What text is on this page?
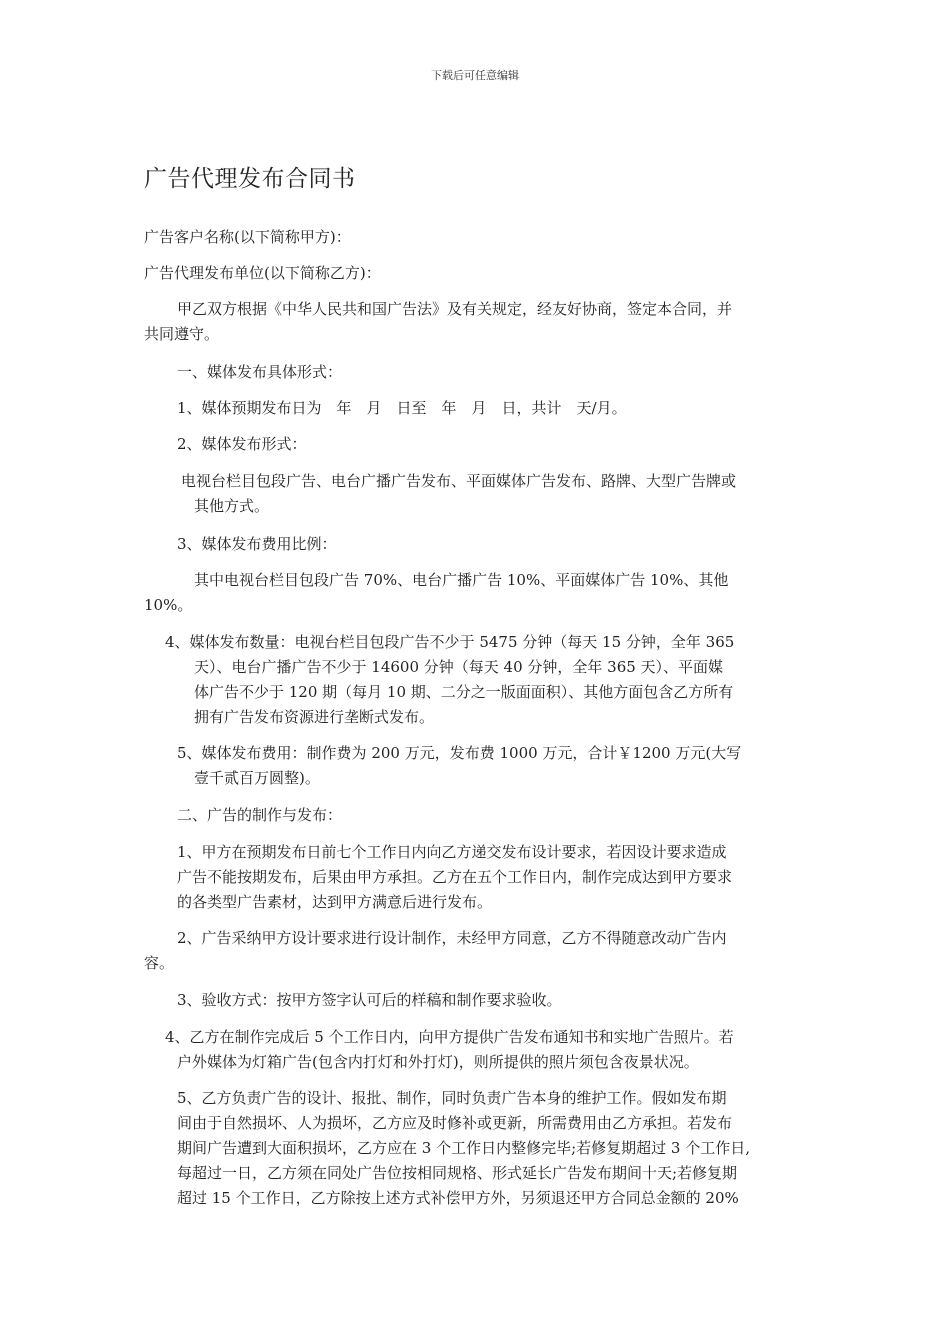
下载后可任意编辑
广告代理发布合同书
广告客户名称(以下简称甲方)：
广告代理发布单位(以下简称乙方)：
甲乙双方根据《中华人民共和国广告法》及有关规定，经友好协商，签定本合同，并
共同遵守。
一、媒体发布具体形式：
1、媒体预期发布日为　年　月　日至　年　月　日，共计　天/月。
2、媒体发布形式：
电视台栏目包段广告、电台广播广告发布、平面媒体广告发布、路牌、大型广告牌或
其他方式。
3、媒体发布费用比例：
其中电视台栏目包段广告 70%、电台广播广告 10%、平面媒体广告 10%、其他
10%。
4、媒体发布数量：电视台栏目包段广告不少于 5475 分钟（每天 15 分钟，全年 365
天）、电台广播广告不少于 14600 分钟（每天 40 分钟，全年 365 天）、平面媒
体广告不少于 120 期（每月 10 期、二分之一版面面积）、其他方面包含乙方所有
拥有广告发布资源进行垄断式发布。
5、媒体发布费用：制作费为 200 万元，发布费 1000 万元，合计￥1200 万元(大写
壹千贰百万圆整)。
二、广告的制作与发布：
1、甲方在预期发布日前七个工作日内向乙方递交发布设计要求，若因设计要求造成
广告不能按期发布，后果由甲方承担。乙方在五个工作日内，制作完成达到甲方要求
的各类型广告素材，达到甲方满意后进行发布。
2、广告采纳甲方设计要求进行设计制作，未经甲方同意，乙方不得随意改动广告内
容。
3、验收方式：按甲方签字认可后的样稿和制作要求验收。
4、乙方在制作完成后 5 个工作日内，向甲方提供广告发布通知书和实地广告照片。若
户外媒体为灯箱广告(包含内打灯和外打灯)，则所提供的照片须包含夜景状况。
5、乙方负责广告的设计、报批、制作，同时负责广告本身的维护工作。假如发布期
间由于自然损坏、人为损坏，乙方应及时修补或更新，所需费用由乙方承担。若发布
期间广告遭到大面积损坏，乙方应在 3 个工作日内整修完毕;若修复期超过 3 个工作日,
每超过一日，乙方须在同处广告位按相同规格、形式延长广告发布期间十天;若修复期
超过 15 个工作日，乙方除按上述方式补偿甲方外，另须退还甲方合同总金额的 20%
